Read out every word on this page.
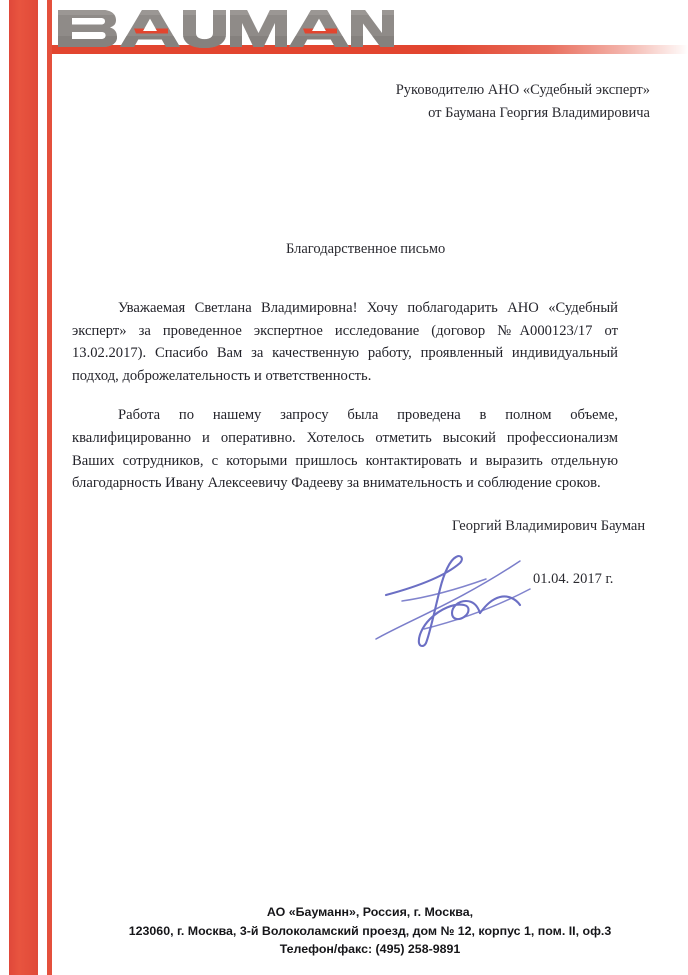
Руководителю АНО «Судебный эксперт»
от Баумана Георгия Владимировича
Благодарственное письмо

Уважаемая Светлана Владимировна! Хочу поблагодарить АНО «Судебный эксперт» за проведенное экспертное исследование (договор №А000123/17 от 13.02.2017). Спасибо Вам за качественную работу, проявленный индивидуальный подход, доброжелательность и ответственность.

Работа по нашему запросу была проведена в полном объеме, квалифицированно и оперативно. Хотелось отметить высокий профессионализм Ваших сотрудников, с которыми пришлось контактировать и выразить отдельную благодарность Ивану Алексеевичу Фадееву за внимательность и соблюдение сроков.

Георгий Владимирович Бауман
01.04. 2017 г.
АО «Бауманн», Россия, г. Москва,
123060, г. Москва, 3-й Волоколамский проезд, дом № 12, корпус 1, пом. II, оф.3
Телефон/факс: (495) 258-9891
